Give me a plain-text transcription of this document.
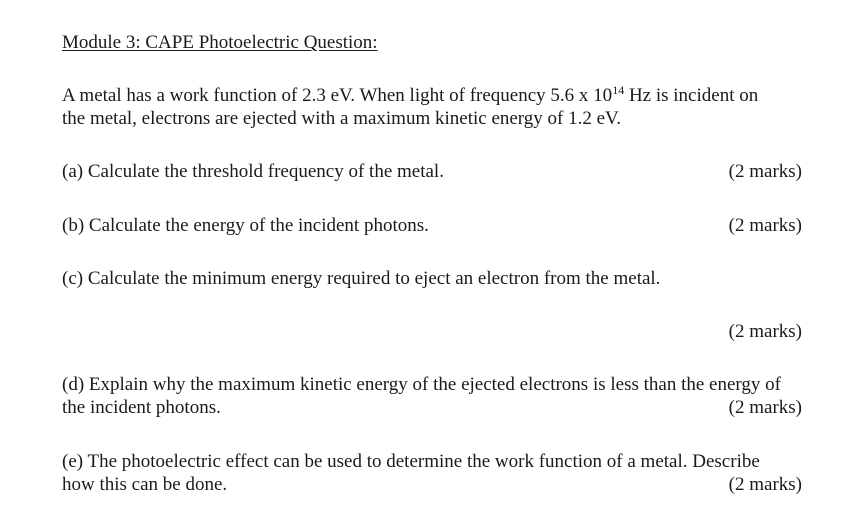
Module 3: CAPE Photoelectric Question:
A metal has a work function of 2.3 eV. When light of frequency 5.6 x $10^{14}$ Hz is incident on
the metal, electrons are ejected with a maximum kinetic energy of 1.2 eV.
(a) Calculate the threshold frequency of the metal.	(2 marks)
(b) Calculate the energy of the incident photons.	(2 marks)
(c) Calculate the minimum energy required to eject an electron from the metal.
(2 marks)
(d) Explain why the maximum kinetic energy of the ejected electrons is less than the energy of
the incident photons.	(2 marks)
(e) The photoelectric effect can be used to determine the work function of a metal. Describe
how this can be done.	(2 marks)
